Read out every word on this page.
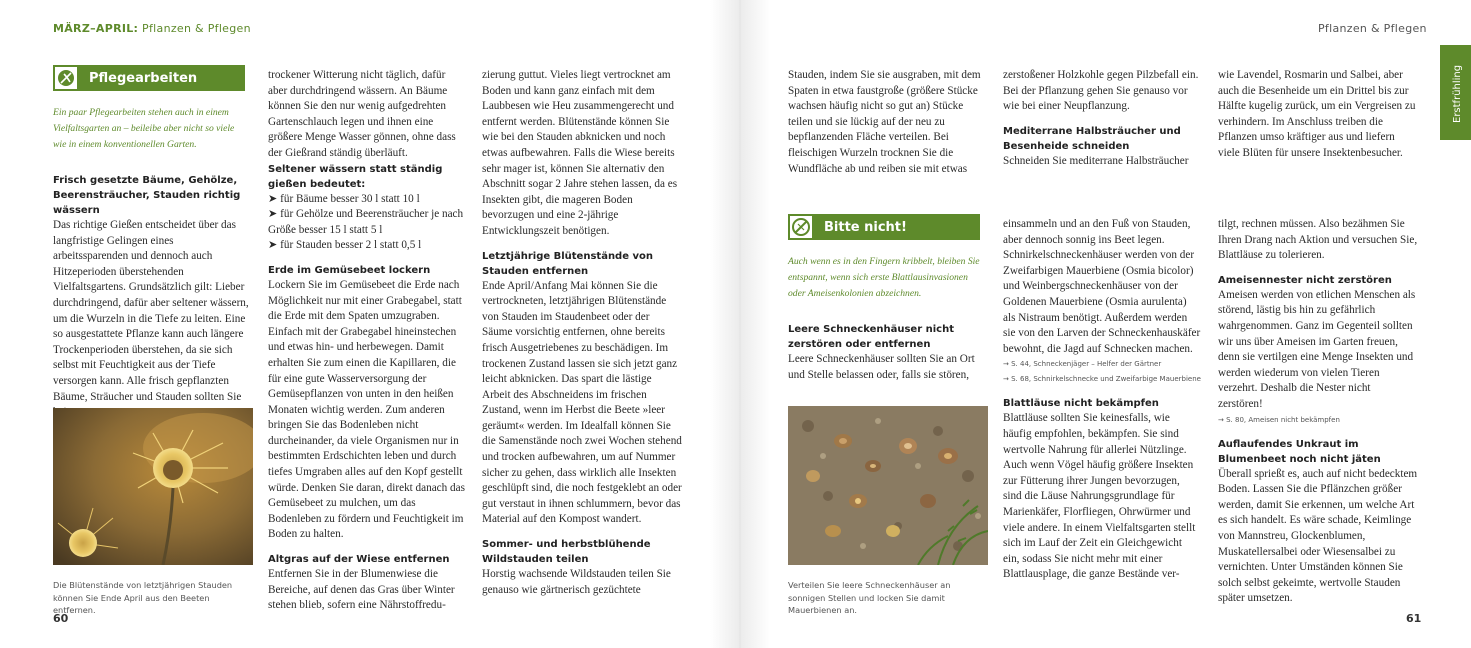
MÄRZ–APRIL: Pflanzen & Pflegen
Pflegearbeiten
Ein paar Pflegearbeiten stehen auch in einem Vielfaltsgarten an – beileibe aber nicht so viele wie in einem konventionellen Garten.

Frisch gesetzte Bäume, Gehölze, Beerensträucher, Stauden richtig wässern

Das richtige Gießen entscheidet über das langfristige Gelingen eines arbeitssparenden und dennoch auch Hitzeperioden überstehenden Vielfaltsgartens. Grundsätzlich gilt: Lieber durchdringend, dafür aber seltener wässern, um die Wurzeln in die Tiefe zu leiten. Eine so ausgestattete Pflanze kann auch längere Trockenperioden überstehen, da sie sich selbst mit Feuchtigkeit aus der Tiefe versorgen kann. Alle frisch gepflanzten Bäume, Sträucher und Stauden sollten Sie

Die Blütenstände von letztjährigen Stauden können Sie Ende April aus den Beeten entfernen.
60

trockener Witterung nicht täglich, dafür aber durchdringend wässern. An Bäume können Sie den nur wenig aufgedrehten Gartenschlauch legen und ihnen eine größere Menge Wasser gönnen, ohne dass der Gießrand ständig überläuft.

Seltener wässern statt ständig gießen bedeutet:

➤ für Bäume besser 30 l statt 10 l

➤ für Gehölze und Beerensträucher je nach Größe besser 15 l statt 5 l

➤ für Stauden besser 2 l statt 0,5 l

Erde im Gemüsebeet lockern

Lockern Sie im Gemüsebeet die Erde nach Möglichkeit nur mit einer Grabegabel, statt die Erde mit dem Spaten umzugraben. Einfach mit der Grabegabel hineinstechen und etwas hin- und herbewegen. Damit erhalten Sie zum einen die Kapillaren, die für eine gute Wasserversorgung der Gemüsepflanzen von unten in den heißen Monaten wichtig werden. Zum anderen bringen Sie das Bodenleben nicht durcheinander, da viele Organismen nur in bestimmten Erdschichten leben und durch tiefes Umgraben alles auf den Kopf gestellt würde. Denken Sie daran, direkt danach das Gemüsebeet zu mulchen, um das Bodenleben zu fördern und Feuchtigkeit im Boden zu halten.

Altgras auf der Wiese entfernen

Entfernen Sie in der Blumenwiese die Bereiche, auf denen das Gras über Winter stehen blieb, sofern eine Nährstoffredu-

zierung guttut. Vieles liegt vertrocknet am Boden und kann ganz einfach mit dem Laubbesen wie Heu zusammengerecht und entfernt werden. Blütenstände können Sie wie bei den Stauden abknicken und noch etwas aufbewahren. Falls die Wiese bereits sehr mager ist, können Sie alternativ den Abschnitt sogar 2 Jahre stehen lassen, da es Insekten gibt, die mageren Boden bevorzugen und eine 2-jährige Entwicklungszeit benötigen.

Letztjährige Blütenstände von Stauden entfernen

Ende April/Anfang Mai können Sie die vertrockneten, letztjährigen Blütenstände von Stauden im Staudenbeet oder der Säume vorsichtig entfernen, ohne bereits frisch Ausgetriebenes zu beschädigen. Im trockenen Zustand lassen sie sich jetzt ganz leicht abknicken. Das spart die lästige Arbeit des Abschneidens im frischen Zustand, wenn im Herbst die Beete »leer geräumt« werden. Im Idealfall können Sie die Samenstände noch zwei Wochen stehend und trocken aufbewahren, um auf Nummer sicher zu gehen, dass wirklich alle Insekten geschlüpft sind, die noch festgeklebt an oder gut verstaut in ihnen schlummern, bevor das Material auf den Kompost wandert.

Sommer- und herbstblühende Wildstauden teilen

Horstig wachsende Wildstauden teilen Sie genauso wie gärtnerisch gezüchtete

Pflanzen & Pflegen
Erstfrühling

Stauden, indem Sie sie ausgraben, mit dem Spaten in etwa faustgroße (größere Stücke wachsen häufig nicht so gut an) Stücke teilen und sie lückig auf der neu zu bepflanzenden Fläche verteilen. Bei fleischigen Wurzeln trocknen Sie die Wundfläche ab und reiben sie mit etwas

Bitte nicht!
Auch wenn es in den Fingern kribbelt, bleiben Sie entspannt, wenn sich erste Blattlausinvasionen oder Ameisenkolonien abzeichnen.

Leere Schneckenhäuser nicht zerstören oder entfernen

Leere Schneckenhäuser sollten Sie an Ort und Stelle belassen oder, falls sie stören,

Verteilen Sie leere Schneckenhäuser an sonnigen Stellen und locken Sie damit Mauerbienen an.

zerstoßener Holzkohle gegen Pilzbefall ein. Bei der Pflanzung gehen Sie genauso vor wie bei einer Neupflanzung.

Mediterrane Halbsträucher und Besenheide schneiden

Schneiden Sie mediterrane Halbsträucher

einsammeln und an den Fuß von Stauden, aber dennoch sonnig ins Beet legen. Schnirkelschneckenhäuser werden von der Zweifarbigen Mauerbiene (Osmia bicolor) und Weinbergschneckenhäuser von der Goldenen Mauerbiene (Osmia aurulenta) als Nistraum benötigt. Außerdem werden sie von den Larven der Schneckenhauskäfer bewohnt, die Jagd auf Schnecken machen.

→ S. 44, Schneckenjäger – Helfer der Gärtner

→ S. 68, Schnirkelschnecke und Zweifarbige Mauerbiene

Blattläuse nicht bekämpfen

Blattläuse sollten Sie keinesfalls, wie häufig empfohlen, bekämpfen. Sie sind wertvolle Nahrung für allerlei Nützlinge. Auch wenn Vögel häufig größere Insekten zur Fütterung ihrer Jungen bevorzugen, sind die Läuse Nahrungsgrundlage für Marienkäfer, Florfliegen, Ohrwürmer und viele andere. In einem Vielfaltsgarten stellt sich im Lauf der Zeit ein Gleichgewicht ein, sodass Sie nicht mehr mit einer Blattlausplage, die ganze Bestände ver-

wie Lavendel, Rosmarin und Salbei, aber auch die Besenheide um ein Drittel bis zur Hälfte kugelig zurück, um ein Vergreisen zu verhindern. Im Anschluss treiben die Pflanzen umso kräftiger aus und liefern viele Blüten für unsere Insektenbesucher.

tilgt, rechnen müssen. Also bezähmen Sie Ihren Drang nach Aktion und versuchen Sie, Blattläuse zu tolerieren.

Ameisennester nicht zerstören

Ameisen werden von etlichen Menschen als störend, lästig bis hin zu gefährlich wahrgenommen. Ganz im Gegenteil sollten wir uns über Ameisen im Garten freuen, denn sie vertilgen eine Menge Insekten und werden wiederum von vielen Tieren verzehrt. Deshalb die Nester nicht zerstören!

→ S. 80, Ameisen nicht bekämpfen

Auflaufendes Unkraut im Blumenbeet noch nicht jäten

Überall sprießt es, auch auf nicht bedecktem Boden. Lassen Sie die Pflänzchen größer werden, damit Sie erkennen, um welche Art es sich handelt. Es wäre schade, Keimlinge von Mannstreu, Glockenblumen, Muskatellersalbei oder Wiesensalbei zu vernichten. Unter Umständen können Sie solch selbst gekeimte, wertvolle Stauden später umsetzen.

61
